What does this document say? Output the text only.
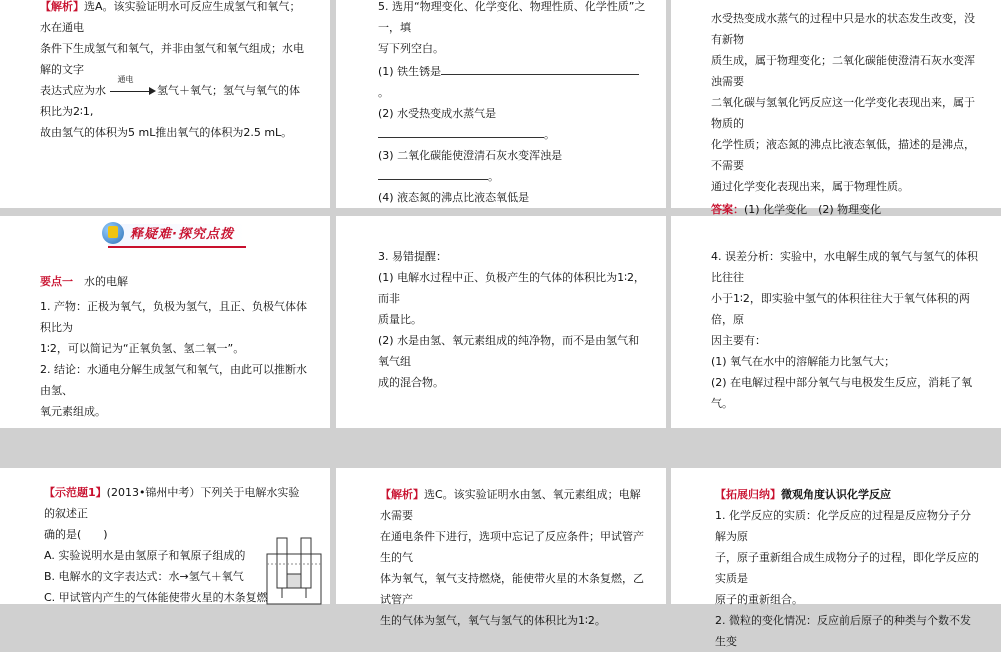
【解析】选A。该实验证明水可反应生成氢气和氧气；水在通电

条件下生成氢气和氧气，并非由氢气和氧气组成；水电解的文字

表达式应为水
通电
氢气＋氧气；氢气与氧气的体积比为2∶1,

故由氢气的体积为5 mL推出氧气的体积为2.5 mL。

5. 选用“物理变化、化学变化、物理性质、化学性质”之一，填

写下列空白。

(1) 铁生锈是。

(2) 水受热变成水蒸气是。

(3) 二氧化碳能使澄清石灰水变浑浊是。

(4) 液态氮的沸点比液态氧低是

水受热变成水蒸气的过程中只是水的状态发生改变，没有新物

质生成，属于物理变化；二氧化碳能使澄清石灰水变浑浊需要

二氧化碳与氢氧化钙反应这一化学变化表现出来，属于物质的

化学性质；液态氮的沸点比液态氧低，描述的是沸点，不需要

通过化学变化表现出来，属于物理性质。

答案：(1) 化学变化　(2) 物理变化

释疑难·探究点拨

要点一　 水的电解

1. 产物：正极为氧气，负极为氢气，且正、负极气体体积比为

1∶2，可以简记为“正氧负氢、氢二氧一”。

2. 结论：水通电分解生成氢气和氧气，由此可以推断水由氢、

氧元素组成。

3. 易错提醒：

(1) 电解水过程中正、负极产生的气体的体积比为1∶2，而非

质量比。

(2) 水是由氢、氧元素组成的纯净物，而不是由氢气和氧气组

成的混合物。

4. 误差分析：实验中，水电解生成的氧气与氢气的体积比往往

小于1∶2，即实验中氢气的体积往往大于氧气体积的两倍，原

因主要有：

(1) 氧气在水中的溶解能力比氢气大；

(2) 在电解过程中部分氧气与电极发生反应，消耗了氧气。

【示范题1】(2013•锦州中考）下列关于电解水实验的叙述正

确的是(　　)

A. 实验说明水是由氢原子和氧原子组成的

B. 电解水的文字表达式：水→氢气＋氧气

C. 甲试管内产生的气体能使带火星的木条复燃

【解析】选C。该实验证明水由氢、氧元素组成；电解水需要

在通电条件下进行，选项中忘记了反应条件；甲试管产生的气

体为氧气，氧气支持燃烧，能使带火星的木条复燃，乙试管产

生的气体为氢气，氧气与氢气的体积比为1∶2。

【拓展归纳】微观角度认识化学反应

1. 化学反应的实质：化学反应的过程是反应物分子分解为原

子，原子重新组合成生成物分子的过程，即化学反应的实质是

原子的重新组合。

2. 微粒的变化情况：反应前后原子的种类与个数不发生变
